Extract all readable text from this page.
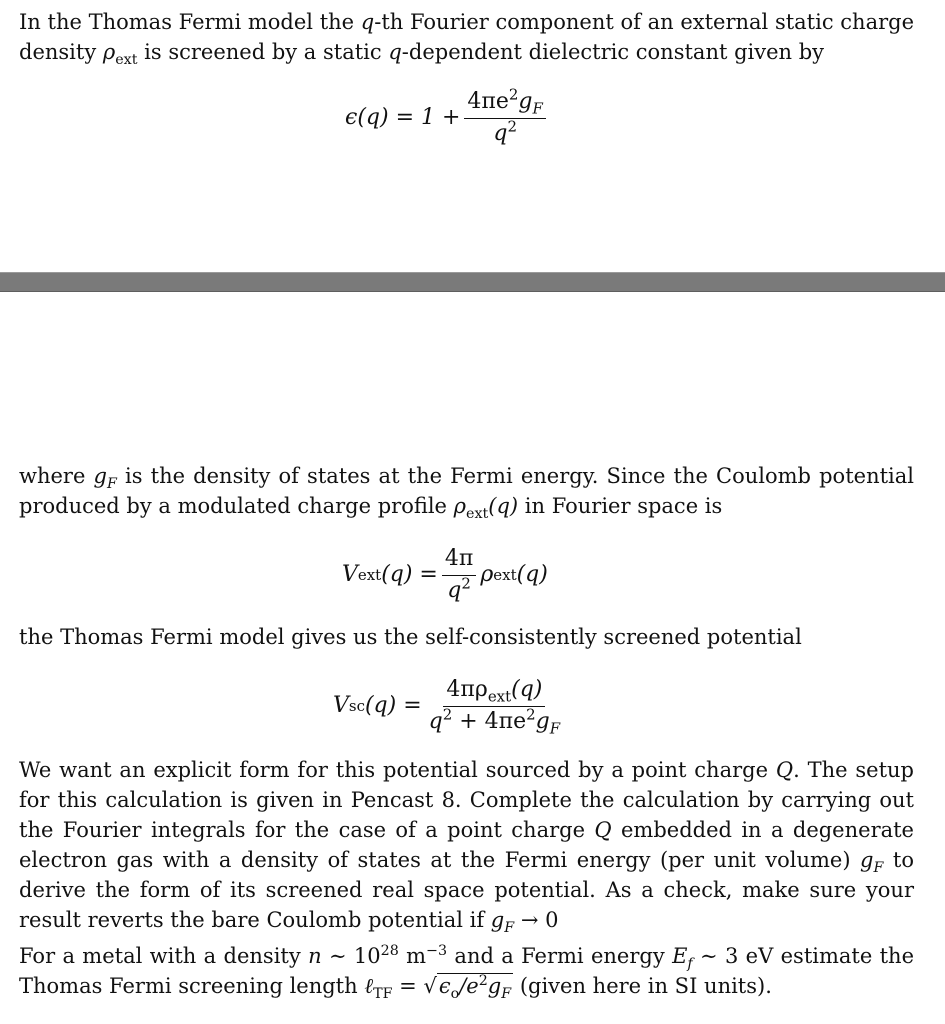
In the Thomas Fermi model the q-th Fourier component of an external static charge density $\rho_{ext}$ is screened by a static q-dependent dielectric constant given by

$\epsilon(q) = 1 + \frac{4\pi e^2g_F}{q^2}$

where $g_F$ is the density of states at the Fermi energy. Since the Coulomb potential produced by a modulated charge profile $\rho_{ext}(q)$ in Fourier space is

V ext $(q) = \frac{4\pi}{q^2}$ ρ ext (q)

the Thomas Fermi model gives us the self-consistently screened potential

V sc $(q) = \frac{4\pi\rho_{ext}(q)}{q^2 + 4\pi e^2g_F}$

We want an explicit form for this potential sourced by a point charge Q. The setup for this calculation is given in Pencast 8. Complete the calculation by carrying out the Fourier integrals for the case of a point charge Q embedded in a degenerate electron gas with a density of states at the Fermi energy (per unit volume) $g_F$ to derive the form of its screened real space potential. As a check, make sure your result reverts the bare Coulomb potential if $g_F \to 0$

For a metal with a density n ∼ $10^{28}$ $m^{-3}$ and a Fermi energy $E_f$ ∼ 3 eV estimate the Thomas Fermi screening length ℓ$_{TF}$ = $√\epsilon_o/e^2g_F$ (given here in SI units).
